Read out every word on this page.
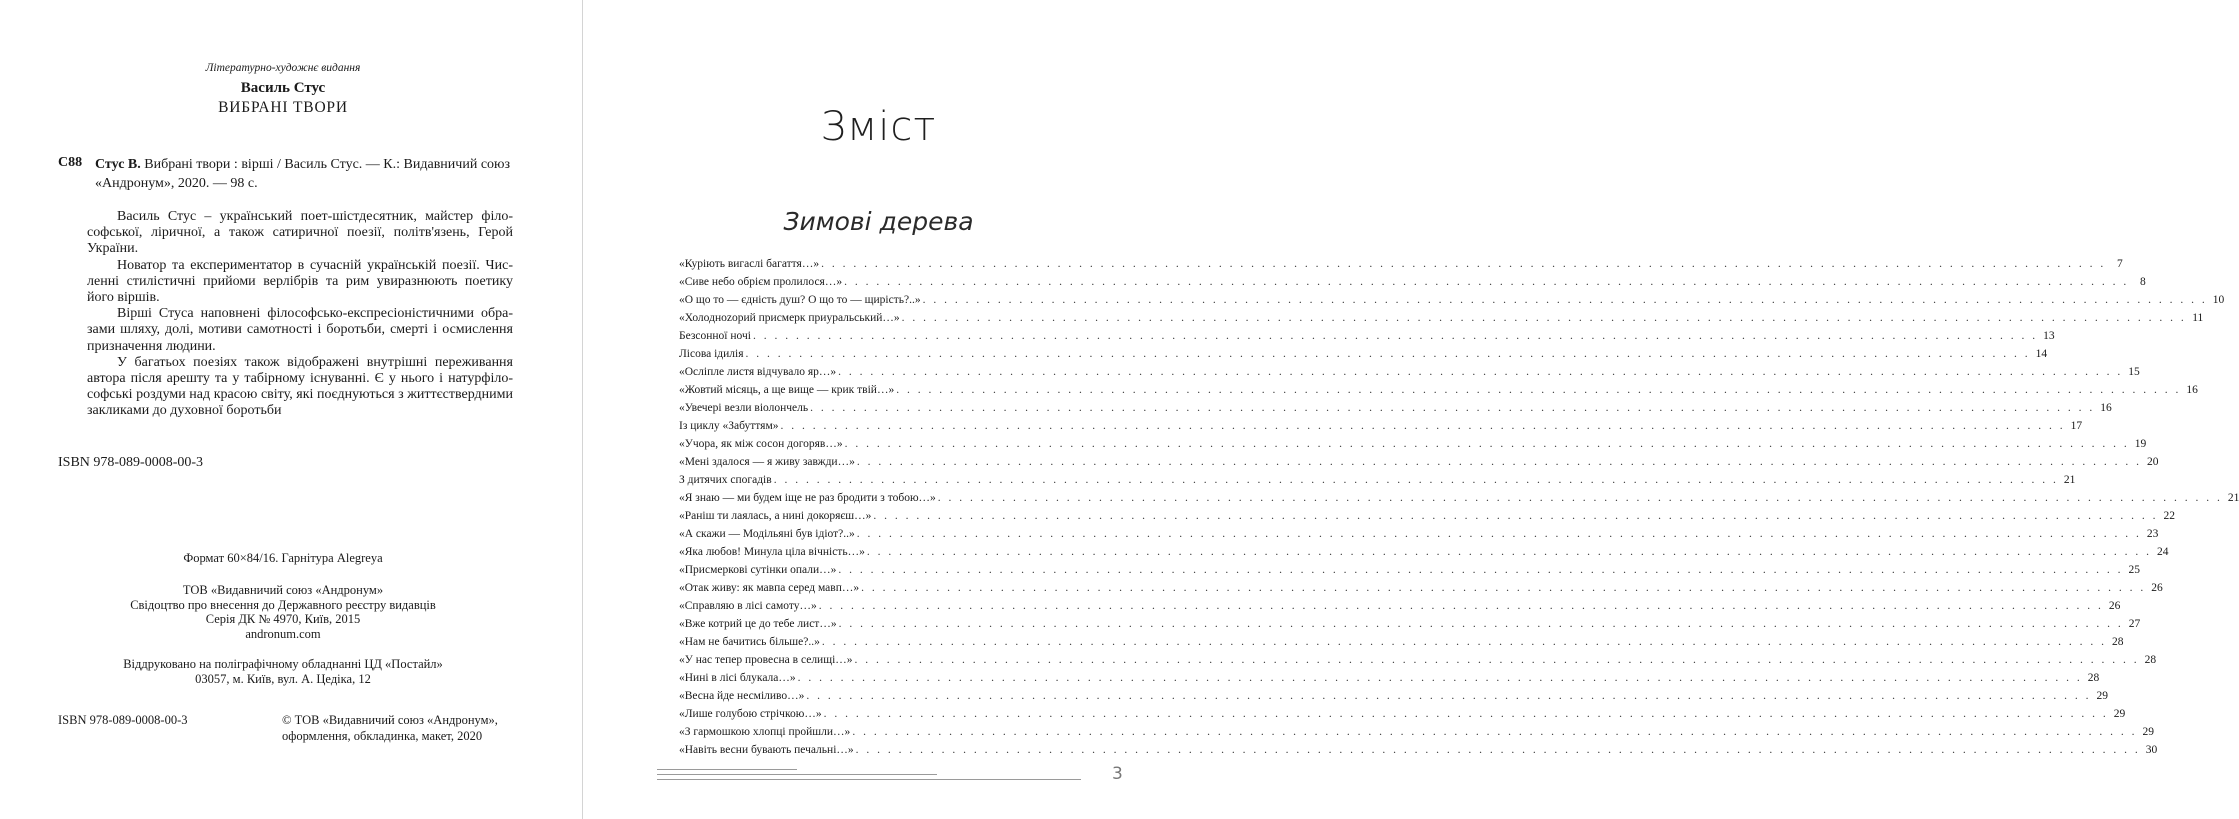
Літературно-художнє видання
Василь Стус
ВИБРАНІ ТВОРИ
С88 Стус В. Вибрані твори : вірші / Василь Стус. — К.: Видавничий союз «Андронум», 2020. — 98 с.

Василь Стус – український поет-шістдесятник, майстер філософської, ліричної, а також сатиричної поезії, політв'язень, Герой України.

Новатор та експериментатор в сучасній українській поезії. Численні стилістичні прийоми верлібрів та рим увиразнюють поетику його віршів.

Вірші Стуса наповнені філософсько-експресіоністичними образами шляху, долі, мотиви самотності і боротьби, смерті і осмислення призначення людини.

У багатьох поезіях також відображені внутрішні переживання автора після арешту та у табірному існуванні. Є у нього і натурфілософські роздуми над красою світу, які поєднуються з життєствердними закликами до духовної боротьби

ISBN 978-089-0008-00-3
Формат 60×84/16. Гарнітура Alegreya
ТОВ «Видавничий союз «Андронум»
Свідоцтво про внесення до Державного реєстру видавців
Серія ДК № 4970, Київ, 2015
andronum.com
Віддруковано на поліграфічному обладнанні ЦД «Постайл»
03057, м. Київ, вул. А. Цедіка, 12
ISBN 978-089-0008-00-3	© ТОВ «Видавничий союз «Андронум»,
оформлення, обкладинка, макет, 2020
Зміст
Зимові дерева
«Куріють вигаслі багаття…» . . . . . . . . . . . . . . . . . . . . . . . . . . . . . . . . . . . . . . . . . . . . . . . . . . . . . . . . . . . . . . . . . . . . . . . . . . . . . . . . . . . . . . . . . . . . . . . . . . . . . . . . . . . . . . . . . . . . . . . . 7
«Сиве небо обрієм пролилося…» . . . . . . . . . . . . . . . . . . . . . . . . . . . . . . . . . . . . . . . . . . . . . . . . . . . . . . . . . . . . . . . . . . . . . . . . . . . . . . . . . . . . . . . . . . . . . . . . . . . . . . . . . . . . . . . . . . . . . . . . 8
«О що то — єдність душ? О що то — щирість?..» . . . . . . . . . . . . . . . . . . . . . . . . . . . . . . . . . . . . . . . . . . . . . . . . . . . . . . . . . . . . . . . . . . . . . . . . . . . . . . . . . . . . . . . . . . . . . . . . . . . . . . . . . . . . . . . . . . . . . . . . 10
«Холодноzорий присмерк приуральський…» . . . . . . . . . . . . . . . . . . . . . . . . . . . . . . . . . . . . . . . . . . . . . . . . . . . . . . . . . . . . . . . . . . . . . . . . . . . . . . . . . . . . . . . . . . . . . . . . . . . . . . . . . . . . . . . . . . . . . . . . 11
Безсонної ночі . . . . . . . . . . . . . . . . . . . . . . . . . . . . . . . . . . . . . . . . . . . . . . . . . . . . . . . . . . . . . . . . . . . . . . . . . . . . . . . . . . . . . . . . . . . . . . . . . . . . . . . . . . . . . . . . . . . . . . . . 13
Лісова ідилія . . . . . . . . . . . . . . . . . . . . . . . . . . . . . . . . . . . . . . . . . . . . . . . . . . . . . . . . . . . . . . . . . . . . . . . . . . . . . . . . . . . . . . . . . . . . . . . . . . . . . . . . . . . . . . . . . . . . . . . . 14
«Осліпле листя відчувало яр…» . . . . . . . . . . . . . . . . . . . . . . . . . . . . . . . . . . . . . . . . . . . . . . . . . . . . . . . . . . . . . . . . . . . . . . . . . . . . . . . . . . . . . . . . . . . . . . . . . . . . . . . . . . . . . . . . . . . . . . . . 15
«Жовтий місяць, а ще вище — крик твій…» . . . . . . . . . . . . . . . . . . . . . . . . . . . . . . . . . . . . . . . . . . . . . . . . . . . . . . . . . . . . . . . . . . . . . . . . . . . . . . . . . . . . . . . . . . . . . . . . . . . . . . . . . . . . . . . . . . . . . . . . 16
«Увечері везли віолончель . . . . . . . . . . . . . . . . . . . . . . . . . . . . . . . . . . . . . . . . . . . . . . . . . . . . . . . . . . . . . . . . . . . . . . . . . . . . . . . . . . . . . . . . . . . . . . . . . . . . . . . . . . . . . . . . . . . . . . . . 16
Із циклу «Забуттям» . . . . . . . . . . . . . . . . . . . . . . . . . . . . . . . . . . . . . . . . . . . . . . . . . . . . . . . . . . . . . . . . . . . . . . . . . . . . . . . . . . . . . . . . . . . . . . . . . . . . . . . . . . . . . . . . . . . . . . . . 17
«Учора, як між сосон догоряв…» . . . . . . . . . . . . . . . . . . . . . . . . . . . . . . . . . . . . . . . . . . . . . . . . . . . . . . . . . . . . . . . . . . . . . . . . . . . . . . . . . . . . . . . . . . . . . . . . . . . . . . . . . . . . . . . . . . . . . . . . 19
«Мені здалося — я живу завжди…» . . . . . . . . . . . . . . . . . . . . . . . . . . . . . . . . . . . . . . . . . . . . . . . . . . . . . . . . . . . . . . . . . . . . . . . . . . . . . . . . . . . . . . . . . . . . . . . . . . . . . . . . . . . . . . . . . . . . . . . . 20
З дитячих спогадів . . . . . . . . . . . . . . . . . . . . . . . . . . . . . . . . . . . . . . . . . . . . . . . . . . . . . . . . . . . . . . . . . . . . . . . . . . . . . . . . . . . . . . . . . . . . . . . . . . . . . . . . . . . . . . . . . . . . . . . . 21
«Я знаю — ми будем іще не раз бродити з тобою…» . . . . . . . . . . . . . . . . . . . . . . . . . . . . . . . . . . . . . . . . . . . . . . . . . . . . . . . . . . . . . . . . . . . . . . . . . . . . . . . . . . . . . . . . . . . . . . . . . . . . . . . . . . . . . . . . . . . . . . . . 21
«Раніш ти лаялась, а нині докоряєш…» . . . . . . . . . . . . . . . . . . . . . . . . . . . . . . . . . . . . . . . . . . . . . . . . . . . . . . . . . . . . . . . . . . . . . . . . . . . . . . . . . . . . . . . . . . . . . . . . . . . . . . . . . . . . . . . . . . . . . . . . 22
«А скажи — Модільяні був ідіот?..» . . . . . . . . . . . . . . . . . . . . . . . . . . . . . . . . . . . . . . . . . . . . . . . . . . . . . . . . . . . . . . . . . . . . . . . . . . . . . . . . . . . . . . . . . . . . . . . . . . . . . . . . . . . . . . . . . . . . . . . . 23
«Яка любов! Минула ціла вічність…» . . . . . . . . . . . . . . . . . . . . . . . . . . . . . . . . . . . . . . . . . . . . . . . . . . . . . . . . . . . . . . . . . . . . . . . . . . . . . . . . . . . . . . . . . . . . . . . . . . . . . . . . . . . . . . . . . . . . . . . . 24
«Присмеркові сутінки опали…» . . . . . . . . . . . . . . . . . . . . . . . . . . . . . . . . . . . . . . . . . . . . . . . . . . . . . . . . . . . . . . . . . . . . . . . . . . . . . . . . . . . . . . . . . . . . . . . . . . . . . . . . . . . . . . . . . . . . . . . . 25
«Отак живу: як мавпа серед мавп…» . . . . . . . . . . . . . . . . . . . . . . . . . . . . . . . . . . . . . . . . . . . . . . . . . . . . . . . . . . . . . . . . . . . . . . . . . . . . . . . . . . . . . . . . . . . . . . . . . . . . . . . . . . . . . . . . . . . . . . . . 26
«Справляю в лісі самоту…» . . . . . . . . . . . . . . . . . . . . . . . . . . . . . . . . . . . . . . . . . . . . . . . . . . . . . . . . . . . . . . . . . . . . . . . . . . . . . . . . . . . . . . . . . . . . . . . . . . . . . . . . . . . . . . . . . . . . . . . . 26
«Вже котрий це до тебе лист…» . . . . . . . . . . . . . . . . . . . . . . . . . . . . . . . . . . . . . . . . . . . . . . . . . . . . . . . . . . . . . . . . . . . . . . . . . . . . . . . . . . . . . . . . . . . . . . . . . . . . . . . . . . . . . . . . . . . . . . . . 27
«Нам не бачитись більше?..» . . . . . . . . . . . . . . . . . . . . . . . . . . . . . . . . . . . . . . . . . . . . . . . . . . . . . . . . . . . . . . . . . . . . . . . . . . . . . . . . . . . . . . . . . . . . . . . . . . . . . . . . . . . . . . . . . . . . . . . . 28
«У нас тепер провесна в селищі…» . . . . . . . . . . . . . . . . . . . . . . . . . . . . . . . . . . . . . . . . . . . . . . . . . . . . . . . . . . . . . . . . . . . . . . . . . . . . . . . . . . . . . . . . . . . . . . . . . . . . . . . . . . . . . . . . . . . . . . . . 28
«Нині в лісі блукала…» . . . . . . . . . . . . . . . . . . . . . . . . . . . . . . . . . . . . . . . . . . . . . . . . . . . . . . . . . . . . . . . . . . . . . . . . . . . . . . . . . . . . . . . . . . . . . . . . . . . . . . . . . . . . . . . . . . . . . . . . 28
«Весна йде несміливо…» . . . . . . . . . . . . . . . . . . . . . . . . . . . . . . . . . . . . . . . . . . . . . . . . . . . . . . . . . . . . . . . . . . . . . . . . . . . . . . . . . . . . . . . . . . . . . . . . . . . . . . . . . . . . . . . . . . . . . . . . 29
«Лише голубою стрічкою…» . . . . . . . . . . . . . . . . . . . . . . . . . . . . . . . . . . . . . . . . . . . . . . . . . . . . . . . . . . . . . . . . . . . . . . . . . . . . . . . . . . . . . . . . . . . . . . . . . . . . . . . . . . . . . . . . . . . . . . . . 29
«З гармошкою хлопці пройшли…» . . . . . . . . . . . . . . . . . . . . . . . . . . . . . . . . . . . . . . . . . . . . . . . . . . . . . . . . . . . . . . . . . . . . . . . . . . . . . . . . . . . . . . . . . . . . . . . . . . . . . . . . . . . . . . . . . . . . . . . . 29
«Навіть весни бувають печальні…» . . . . . . . . . . . . . . . . . . . . . . . . . . . . . . . . . . . . . . . . . . . . . . . . . . . . . . . . . . . . . . . . . . . . . . . . . . . . . . . . . . . . . . . . . . . . . . . . . . . . . . . . . . . . . . . . . . . . . . . . 30
3
